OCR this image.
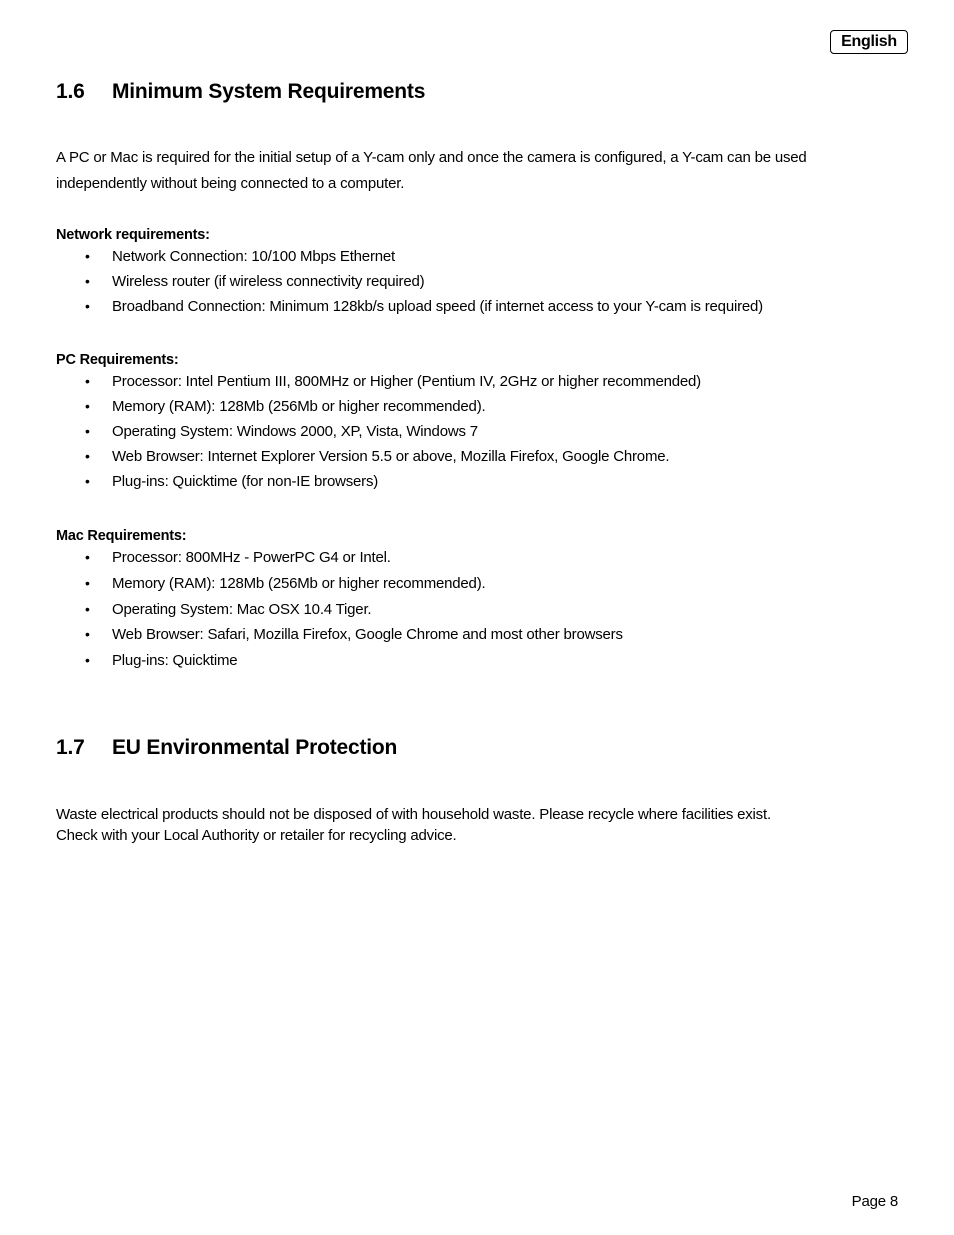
English
1.6	Minimum System Requirements

A PC or Mac is required for the initial setup of a Y-cam only and once the camera is configured, a Y-cam can be used independently without being connected to a computer.

Network requirements:

• Network Connection: 10/100 Mbps Ethernet
• Wireless router (if wireless connectivity required)
• Broadband Connection: Minimum 128kb/s upload speed (if internet access to your Y-cam is required)

PC Requirements:

• Processor: Intel Pentium III, 800MHz or Higher (Pentium IV, 2GHz or higher recommended)
• Memory (RAM): 128Mb (256Mb or higher recommended).
• Operating System: Windows 2000, XP, Vista, Windows 7
• Web Browser: Internet Explorer Version 5.5 or above, Mozilla Firefox, Google Chrome.
• Plug-ins: Quicktime (for non-IE browsers)

Mac Requirements:

• Processor: 800MHz - PowerPC G4 or Intel.
• Memory (RAM): 128Mb (256Mb or higher recommended).
• Operating System: Mac OSX 10.4 Tiger.
• Web Browser: Safari, Mozilla Firefox, Google Chrome and most other browsers
• Plug-ins: Quicktime
1.7	EU Environmental Protection

Waste electrical products should not be disposed of with household waste. Please recycle where facilities exist.
Check with your Local Authority or retailer for recycling advice.

Page 8
